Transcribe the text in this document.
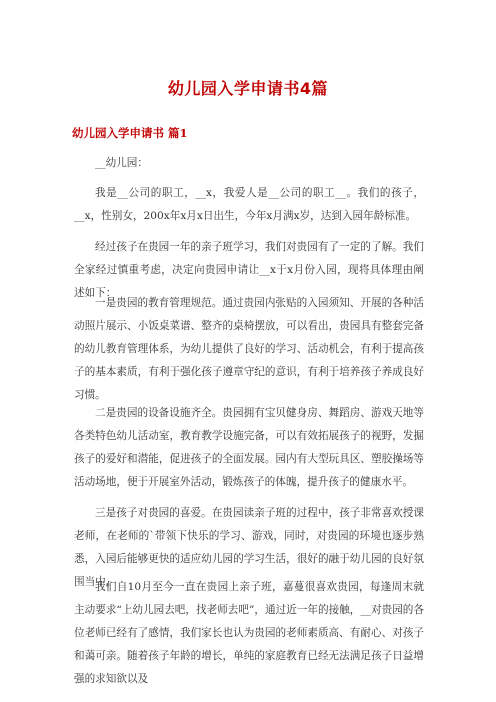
幼儿园入学申请书4篇
幼儿园入学申请书 篇1

__幼儿园：

我是__公司的职工，__x，我爱人是__公司的职工__。我们的孩子，__x，性别女，200x年x月x日出生，今年x月满x岁，达到入园年龄标准。

经过孩子在贵园一年的亲子班学习，我们对贵园有了一定的了解。我们全家经过慎重考虑，决定向贵园申请让__x于x月份入园，现将具体理由阐述如下：

一是贵园的教育管理规范。通过贵园内张贴的入园须知、开展的各种活动照片展示、小饭桌菜谱、整齐的桌椅摆放，可以看出，贵园具有整套完备的幼儿教育管理体系，为幼儿提供了良好的学习、活动机会，有利于提高孩子的基本素质，有利于强化孩子遵章守纪的意识，有利于培养孩子养成良好习惯。

二是贵园的设备设施齐全。贵园拥有宝贝健身房、舞蹈房、游戏天地等各类特色幼儿活动室，教育教学设施完备，可以有效拓展孩子的视野，发掘孩子的爱好和潜能，促进孩子的全面发展。园内有大型玩具区、塑胶操场等活动场地，便于开展室外活动，锻炼孩子的体魄，提升孩子的健康水平。

三是孩子对贵园的喜爱。在贵园读亲子班的过程中，孩子非常喜欢授课老师，在老师的`带领下快乐的学习、游戏，同时，对贵园的环境也逐步熟悉，入园后能够更快的适应幼儿园的学习生活，很好的融于幼儿园的良好氛围当中。

我们自10月至今一直在贵园上亲子班，嘉蔓很喜欢贵园，每逢周末就主动要求“上幼儿园去吧，找老师去吧”，通过近一年的接触，__对贵园的各位老师已经有了感情，我们家长也认为贵园的老师素质高、有耐心、对孩子和蔼可亲。随着孩子年龄的增长，单纯的家庭教育已经无法满足孩子日益增强的求知欲以及
